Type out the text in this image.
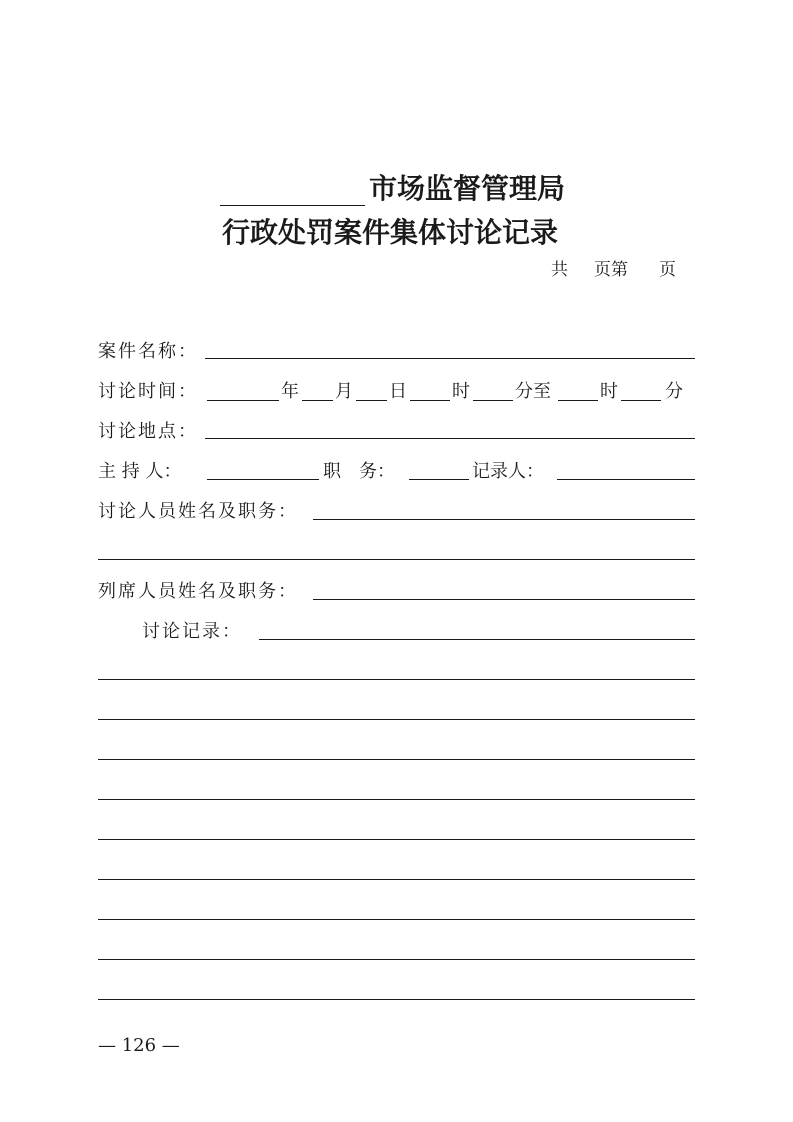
市场监督管理局
行政处罚案件集体讨论记录
共 页第 页
案件名称：
讨论时间：	年 月 日	时	分至	时	分
讨论地点：
主 持 人：	职　务：	记录人：
讨论人员姓名及职务：
列席人员姓名及职务：
讨论记录：
— 126 —
